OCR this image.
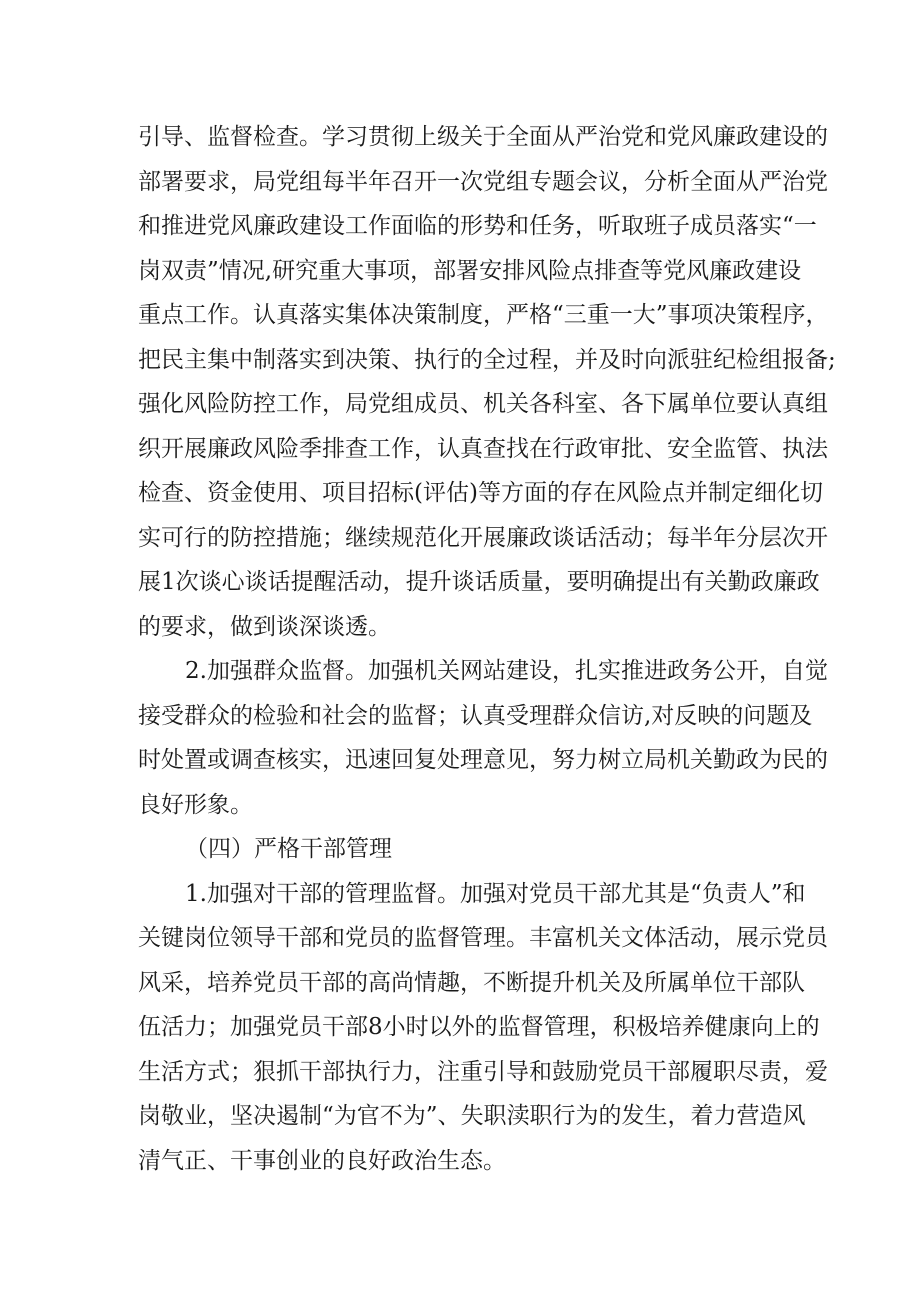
引导、监督检查。学习贯彻上级关于全面从严治党和党风廉政建设的
部署要求，局党组每半年召开一次党组专题会议，分析全面从严治党
和推进党风廉政建设工作面临的形势和任务，听取班子成员落实“一
岗双责”情况,研究重大事项，部署安排风险点排查等党风廉政建设
重点工作。认真落实集体决策制度，严格“三重一大”事项决策程序，
把民主集中制落实到决策、执行的全过程，并及时向派驻纪检组报备;
强化风险防控工作，局党组成员、机关各科室、各下属单位要认真组
织开展廉政风险季排查工作，认真查找在行政审批、安全监管、执法
检查、资金使用、项目招标(评估)等方面的存在风险点并制定细化切
实可行的防控措施；继续规范化开展廉政谈话活动；每半年分层次开
展1次谈心谈话提醒活动，提升谈话质量，要明确提出有关勤政廉政
的要求，做到谈深谈透。
2.加强群众监督。加强机关网站建设，扎实推进政务公开，自觉
接受群众的检验和社会的监督；认真受理群众信访,对反映的问题及
时处置或调查核实，迅速回复处理意见，努力树立局机关勤政为民的
良好形象。
（四）严格干部管理
1.加强对干部的管理监督。加强对党员干部尤其是“负责人”和
关键岗位领导干部和党员的监督管理。丰富机关文体活动，展示党员
风采，培养党员干部的高尚情趣，不断提升机关及所属单位干部队
伍活力；加强党员干部8小时以外的监督管理，积极培养健康向上的
生活方式；狠抓干部执行力，注重引导和鼓励党员干部履职尽责，爱
岗敬业，坚决遏制“为官不为”、失职渎职行为的发生，着力营造风
清气正、干事创业的良好政治生态。
